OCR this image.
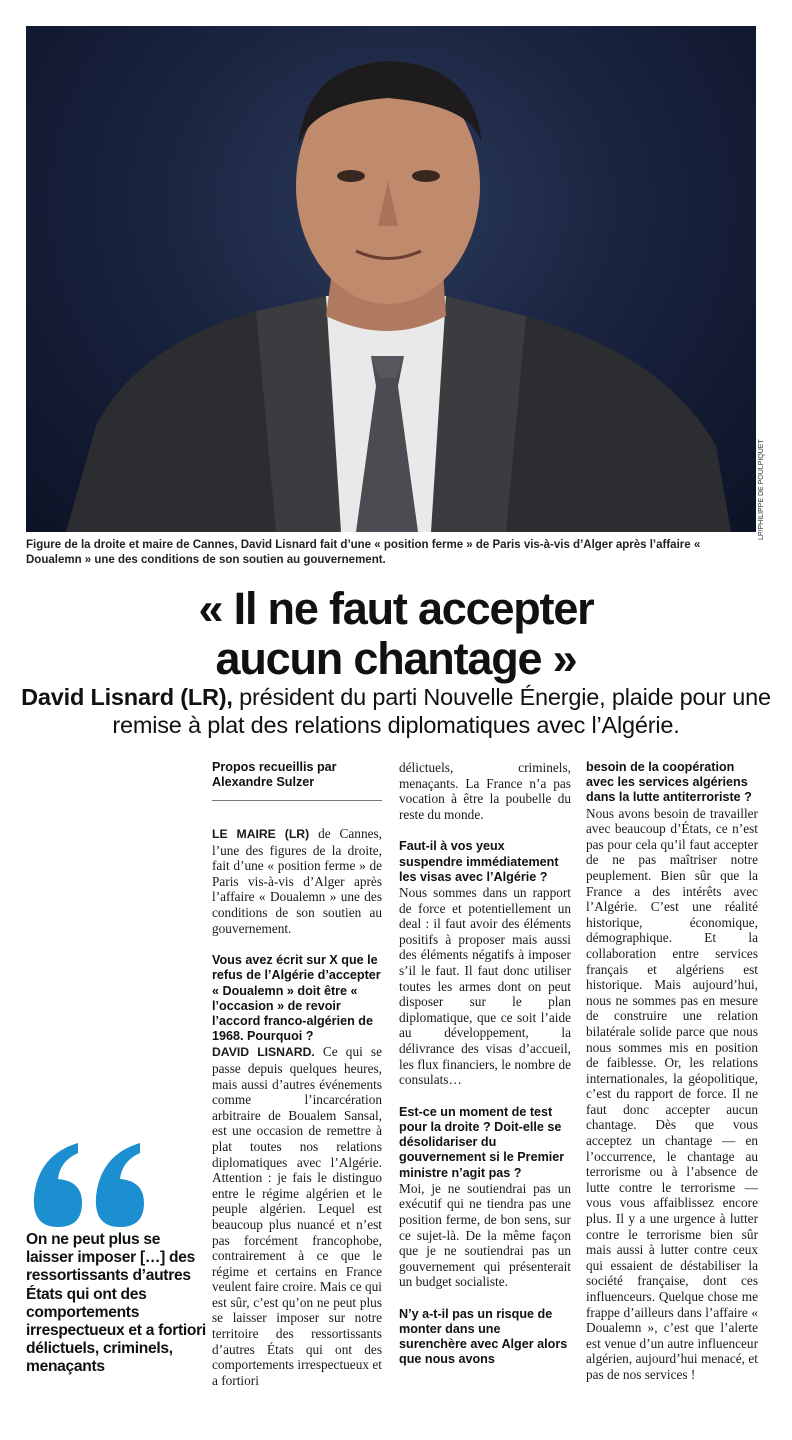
LP/PHILIPPE DE POULPIQUET
Figure de la droite et maire de Cannes, David Lisnard fait d’une « position ferme » de Paris vis-à-vis d’Alger après l’affaire « Doualemn » une des conditions de son soutien au gouvernement.
« Il ne faut accepter
aucun chantage »
David Lisnard (LR), président du parti Nouvelle Énergie, plaide pour une remise à plat des relations diplomatiques avec l’Algérie.
Propos recueillis par
Alexandre Sulzer

LE MAIRE (LR) de Cannes, l’une des figures de la droite, fait d’une « position ferme » de Paris vis-à-vis d’Alger après l’affaire « Doualemn » une des conditions de son soutien au gouvernement.

Vous avez écrit sur X que le refus de l’Algérie d’accepter « Doualemn » doit être « l’occasion » de revoir l’accord franco-algérien de 1968. Pourquoi ?

DAVID LISNARD. Ce qui se passe depuis quelques heures, mais aussi d’autres événements comme l’incarcération arbitraire de Boualem Sansal, est une occasion de remettre à plat toutes nos relations diplomatiques avec l’Algérie. Attention : je fais le distinguo entre le régime algérien et le peuple algérien. Lequel est beaucoup plus nuancé et n’est pas forcément francophobe, contrairement à ce que le régime et certains en France veulent faire croire. Mais ce qui est sûr, c’est qu’on ne peut plus se laisser imposer sur notre territoire des ressortissants d’autres États qui ont des comportements irrespectueux et a fortiori

délictuels, criminels, menaçants. La France n’a pas vocation à être la poubelle du reste du monde.

Faut-il à vos yeux suspendre immédiatement les visas avec l’Algérie ?

Nous sommes dans un rapport de force et potentiellement un deal : il faut avoir des éléments positifs à proposer mais aussi des éléments négatifs à imposer s’il le faut. Il faut donc utiliser toutes les armes dont on peut disposer sur le plan diplomatique, que ce soit l’aide au développement, la délivrance des visas d’accueil, les flux financiers, le nombre de consulats…

Est-ce un moment de test pour la droite ? Doit-elle se désolidariser du gouvernement si le Premier ministre n’agit pas ?

Moi, je ne soutiendrai pas un exécutif qui ne tiendra pas une position ferme, de bon sens, sur ce sujet-là. De la même façon que je ne soutiendrai pas un gouvernement qui présenterait un budget socialiste.

N’y a-t-il pas un risque de monter dans une surenchère avec Alger alors que nous avons

besoin de la coopération avec les services algériens dans la lutte antiterroriste ?

Nous avons besoin de travailler avec beaucoup d’États, ce n’est pas pour cela qu’il faut accepter de ne pas maîtriser notre peuplement. Bien sûr que la France a des intérêts avec l’Algérie. C’est une réalité historique, économique, démographique. Et la collaboration entre services français et algériens est historique. Mais aujourd’hui, nous ne sommes pas en mesure de construire une relation bilatérale solide parce que nous nous sommes mis en position de faiblesse. Or, les relations internationales, la géopolitique, c’est du rapport de force. Il ne faut donc accepter aucun chantage. Dès que vous acceptez un chantage — en l’occurrence, le chantage au terrorisme ou à l’absence de lutte contre le terrorisme — vous vous affaiblissez encore plus. Il y a une urgence à lutter contre le terrorisme bien sûr mais aussi à lutter contre ceux qui essaient de déstabiliser la société française, dont ces influenceurs. Quelque chose me frappe d’ailleurs dans l’affaire « Doualemn », c’est que l’alerte est venue d’un autre influenceur algérien, aujourd’hui menacé, et pas de nos services !

On ne peut plus se laisser imposer […] des ressortissants d’autres États qui ont des comportements irrespectueux et a fortiori délictuels, criminels, menaçants
